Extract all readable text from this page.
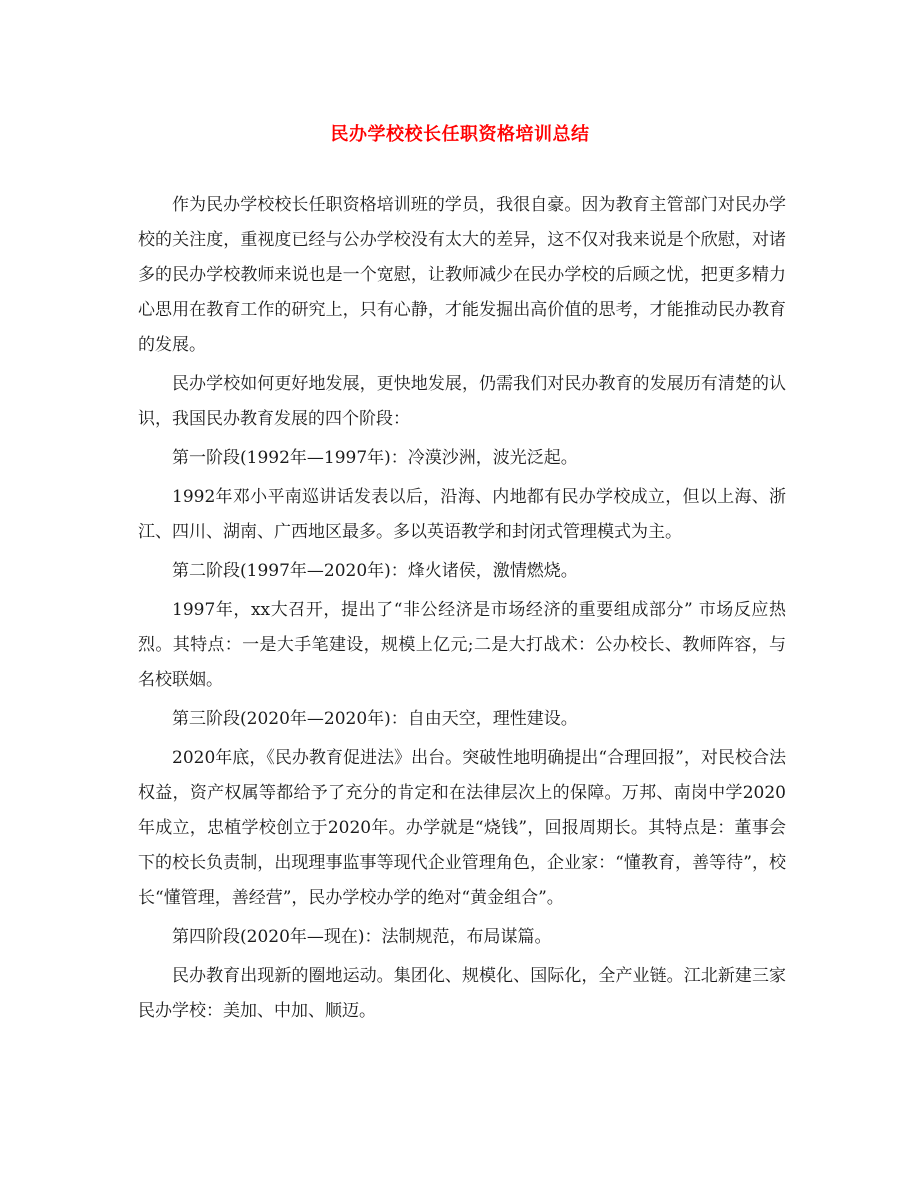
民办学校校长任职资格培训总结

作为民办学校校长任职资格培训班的学员，我很自豪。因为教育主管部门对民办学校的关注度，重视度已经与公办学校没有太大的差异，这不仅对我来说是个欣慰，对诸多的民办学校教师来说也是一个宽慰，让教师减少在民办学校的后顾之忧，把更多精力心思用在教育工作的研究上，只有心静，才能发掘出高价值的思考，才能推动民办教育的发展。

民办学校如何更好地发展，更快地发展，仍需我们对民办教育的发展历有清楚的认识，我国民办教育发展的四个阶段：

第一阶段(1992年—1997年)：冷漠沙洲，波光泛起。

1992年邓小平南巡讲话发表以后，沿海、内地都有民办学校成立，但以上海、浙江、四川、湖南、广西地区最多。多以英语教学和封闭式管理模式为主。

第二阶段(1997年—2020年)：烽火诸侯，激情燃烧。

1997年，xx大召开，提出了“非公经济是市场经济的重要组成部分” 市场反应热烈。其特点：一是大手笔建设，规模上亿元;二是大打战术：公办校长、教师阵容，与名校联姻。

第三阶段(2020年—2020年)：自由天空，理性建设。

2020年底，《民办教育促进法》出台。突破性地明确提出“合理回报”，对民校合法权益，资产权属等都给予了充分的肯定和在法律层次上的保障。万邦、南岗中学2020年成立，忠植学校创立于2020年。办学就是“烧钱”，回报周期长。其特点是：董事会下的校长负责制，出现理事监事等现代企业管理角色，企业家：“懂教育，善等待”，校长“懂管理，善经营”，民办学校办学的绝对“黄金组合”。

第四阶段(2020年—现在)：法制规范，布局谋篇。

民办教育出现新的圈地运动。集团化、规模化、国际化，全产业链。江北新建三家民办学校：美加、中加、顺迈。
